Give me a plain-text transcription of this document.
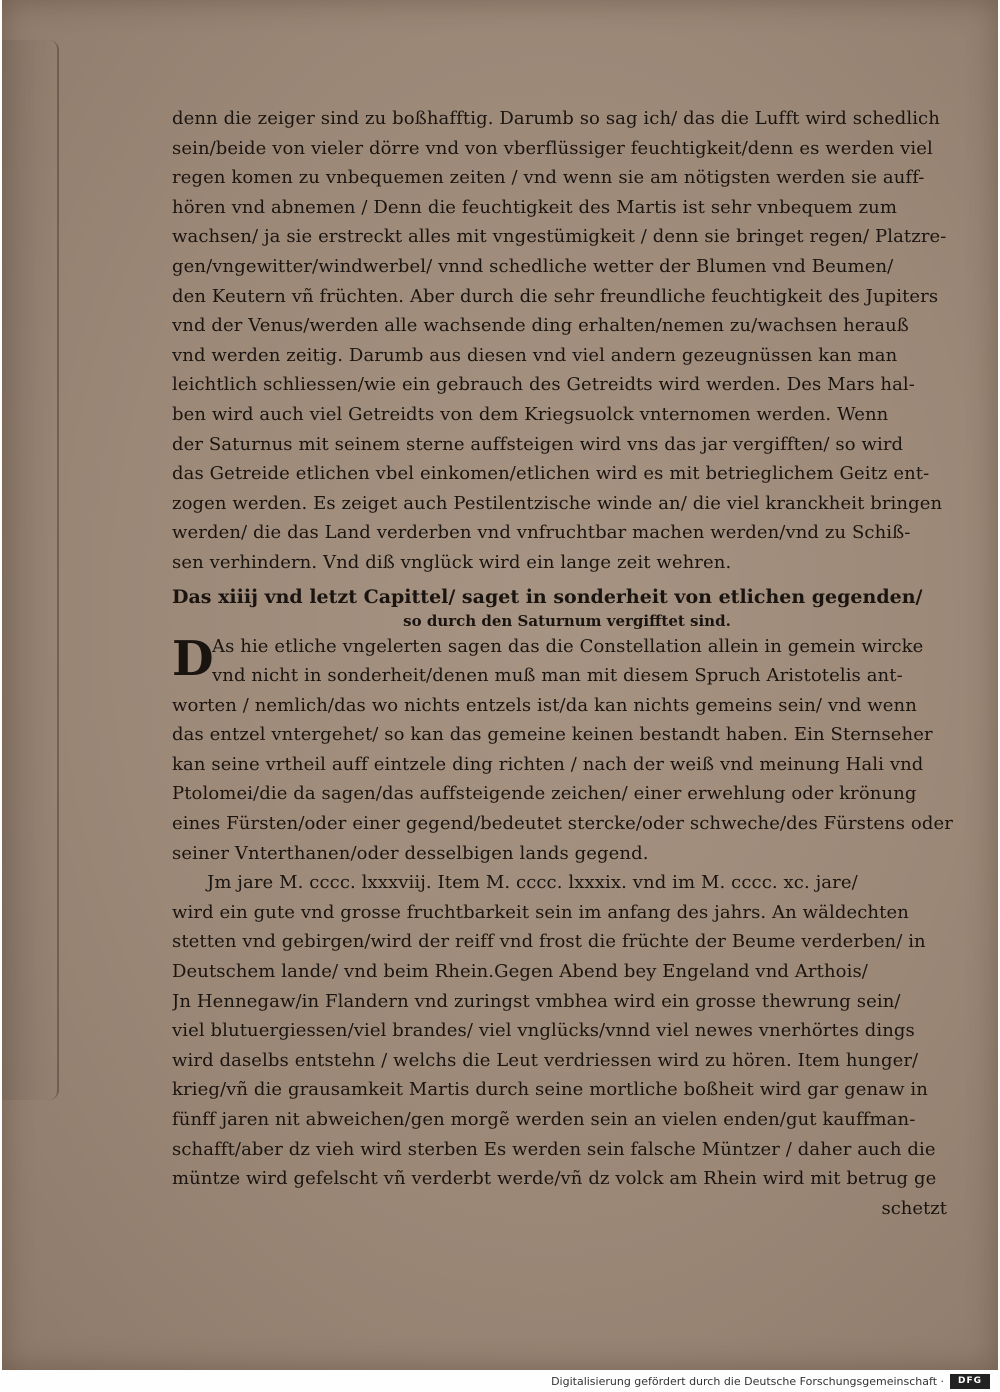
denn die zeiger sind zu boßhafftig. Darumb so sag ich/ das die Lufft wird schedlich
sein/beide von vieler dörre vnd von vberflüssiger feuchtigkeit/denn es werden viel
regen komen zu vnbequemen zeiten / vnd wenn sie am nötigsten werden sie auff-
hören vnd abnemen / Denn die feuchtigkeit des Martis ist sehr vnbequem zum
wachsen/ ja sie erstreckt alles mit vngestümigkeit / denn sie bringet regen/ Platzre-
gen/vngewitter/windwerbel/ vnnd schedliche wetter der Blumen vnd Beumen/
den Keutern vñ früchten. Aber durch die sehr freundliche feuchtigkeit des Jupiters
vnd der Venus/werden alle wachsende ding erhalten/nemen zu/wachsen herauß
vnd werden zeitig. Darumb aus diesen vnd viel andern gezeugnüssen kan man
leichtlich schliessen/wie ein gebrauch des Getreidts wird werden. Des Mars hal-
ben wird auch viel Getreidts von dem Kriegsuolck vnternomen werden. Wenn
der Saturnus mit seinem sterne auffsteigen wird vns das jar vergifften/ so wird
das Getreide etlichen vbel einkomen/etlichen wird es mit betrieglichem Geitz ent-
zogen werden. Es zeiget auch Pestilentzische winde an/ die viel kranckheit bringen
werden/ die das Land verderben vnd vnfruchtbar machen werden/vnd zu Schiß-
sen verhindern. Vnd diß vnglück wird ein lange zeit wehren.
Das xiiij vnd letzt Capittel/ saget in sonderheit von etlichen gegenden/
so durch den Saturnum vergifftet sind.
D
As hie etliche vngelerten sagen das die Constellation allein in gemein wircke
vnd nicht in sonderheit/denen muß man mit diesem Spruch Aristotelis ant-
worten / nemlich/das wo nichts entzels ist/da kan nichts gemeins sein/ vnd wenn
das entzel vntergehet/ so kan das gemeine keinen bestandt haben. Ein Sternseher
kan seine vrtheil auff eintzele ding richten / nach der weiß vnd meinung Hali vnd
Ptolomei/die da sagen/das auffsteigende zeichen/ einer erwehlung oder krönung
eines Fürsten/oder einer gegend/bedeutet stercke/oder schweche/des Fürstens oder
seiner Vnterthanen/oder desselbigen lands gegend.
Jm jare M. cccc. lxxxviij. Item M. cccc. lxxxix. vnd im M. cccc. xc. jare/
wird ein gute vnd grosse fruchtbarkeit sein im anfang des jahrs. An wäldechten
stetten vnd gebirgen/wird der reiff vnd frost die früchte der Beume verderben/ in
Deutschem lande/ vnd beim Rhein.Gegen Abend bey Engeland vnd Arthois/
Jn Hennegaw/in Flandern vnd zuringst vmbhea wird ein grosse thewrung sein/
viel blutuergiessen/viel brandes/ viel vnglücks/vnnd viel newes vnerhörtes dings
wird daselbs entstehn / welchs die Leut verdriessen wird zu hören. Item hunger/
krieg/vñ die grausamkeit Martis durch seine mortliche boßheit wird gar genaw in
fünff jaren nit abweichen/gen morgẽ werden sein an vielen enden/gut kauffman-
schafft/aber dz vieh wird sterben Es werden sein falsche Müntzer / daher auch die
müntze wird gefelscht vñ verderbt werde/vñ dz volck am Rhein wird mit betrug ge
schetzt
Digitalisierung gefördert durch die Deutsche Forschungsgemeinschaft ·	DFG
